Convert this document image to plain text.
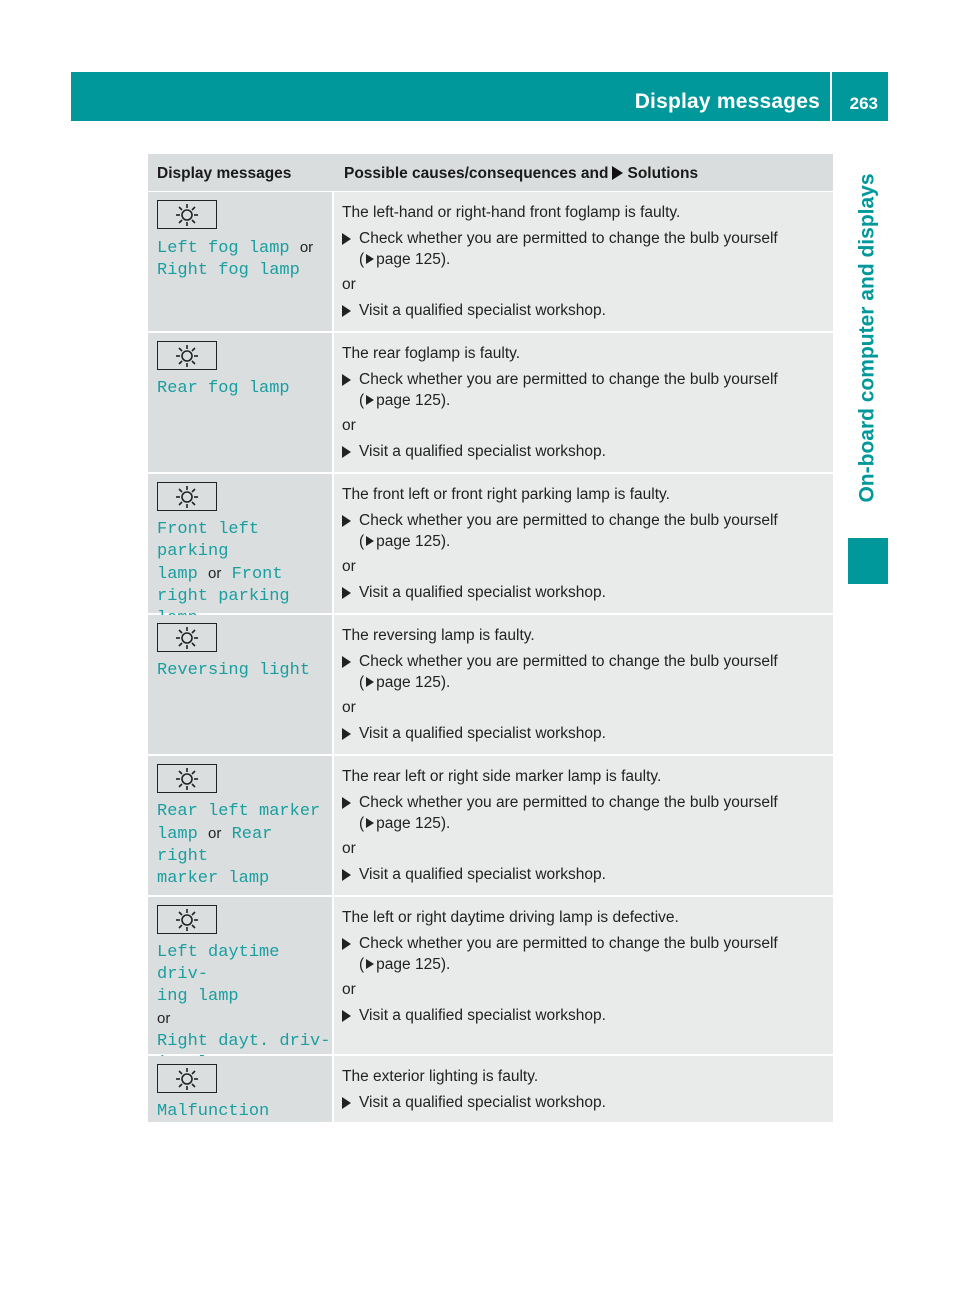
Display messages 263
On-board computer and displays
Display messages	Possible causes/consequences and Solutions
Left fog lamp or
Right fog lamp

The left-hand or right-hand front foglamp is faulty.

Check whether you are permitted to change the bulb yourself
( page 125).

or

Visit a qualified specialist workshop.
Rear fog lamp

The rear foglamp is faulty.

Check whether you are permitted to change the bulb yourself
( page 125).

or

Visit a qualified specialist workshop.
Front left parking
lamp or Front
right parking

The front left or front right parking lamp is faulty.

Check whether you are permitted to change the bulb yourself
( page 125).

or

Visit a qualified specialist workshop.
Reversing light

The reversing lamp is faulty.

Check whether you are permitted to change the bulb yourself
( page 125).

or

Visit a qualified specialist workshop.
Rear left marker
lamp or Rear right
marker lamp

The rear left or right side marker lamp is faulty.

Check whether you are permitted to change the bulb yourself
( page 125).

or

Visit a qualified specialist workshop.
Left daytime driv‐
ing lamp
or
Right dayt. driv‐

The left or right daytime driving lamp is defective.

Check whether you are permitted to change the bulb yourself
( page 125).

or

Visit a qualified specialist workshop.
Malfunction

The exterior lighting is faulty.

Visit a qualified specialist workshop.
